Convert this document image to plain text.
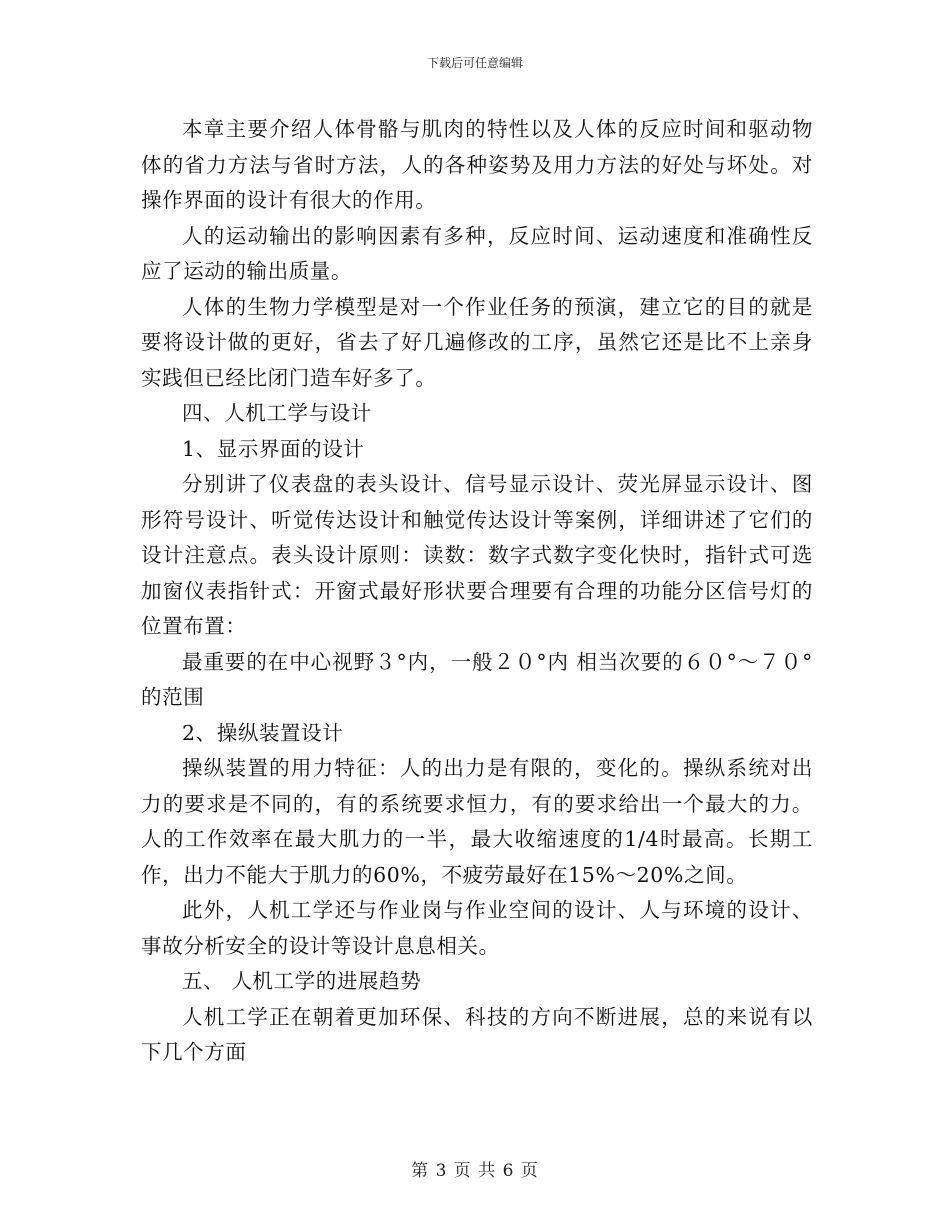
下载后可任意编辑

本章主要介绍人体骨骼与肌肉的特性以及人体的反应时间和驱动物体的省力方法与省时方法，人的各种姿势及用力方法的好处与坏处。对操作界面的设计有很大的作用。

人的运动输出的影响因素有多种，反应时间、运动速度和准确性反应了运动的输出质量。

人体的生物力学模型是对一个作业任务的预演，建立它的目的就是要将设计做的更好，省去了好几遍修改的工序，虽然它还是比不上亲身实践但已经比闭门造车好多了。

四、人机工学与设计

1、显示界面的设计

分别讲了仪表盘的表头设计、信号显示设计、荧光屏显示设计、图形符号设计、听觉传达设计和触觉传达设计等案例，详细讲述了它们的设计注意点。表头设计原则：读数：数字式数字变化快时，指针式可选加窗仪表指针式：开窗式最好形状要合理要有合理的功能分区信号灯的位置布置：

最重要的在中心视野３°内，一般２０°内 相当次要的６０°～７０°的范围

2、操纵装置设计

操纵装置的用力特征：人的出力是有限的，变化的。操纵系统对出力的要求是不同的，有的系统要求恒力，有的要求给出一个最大的力。人的工作效率在最大肌力的一半，最大收缩速度的1/4时最高。长期工作，出力不能大于肌力的60%，不疲劳最好在15%～20%之间。

此外，人机工学还与作业岗与作业空间的设计、人与环境的设计、事故分析安全的设计等设计息息相关。

五、 人机工学的进展趋势

人机工学正在朝着更加环保、科技的方向不断进展，总的来说有以下几个方面

第 3 页 共 6 页
